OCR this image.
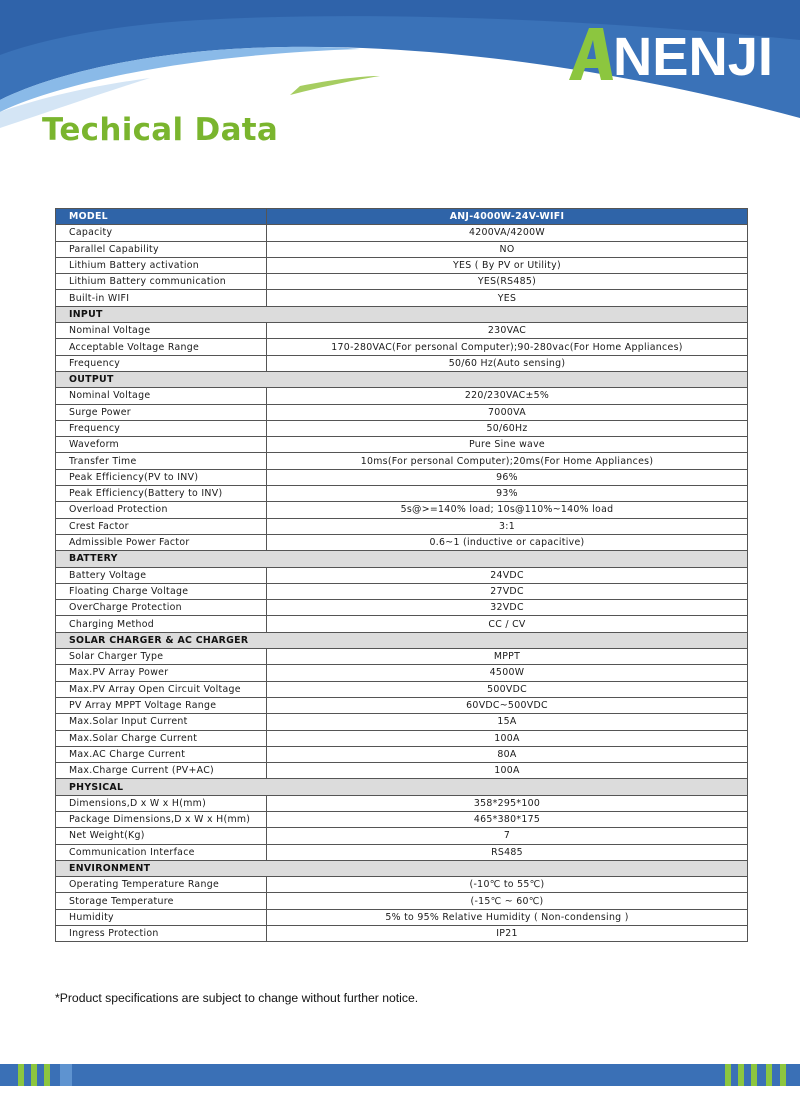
NENJI
Techical Data
MODEL	ANJ-4000W-24V-WIFI
Capacity	4200VA/4200W
Parallel Capability	NO
Lithium Battery activation	YES ( By PV or Utility)
Lithium Battery communication	YES(RS485)
Built-in WIFI	YES
INPUT	
Nominal Voltage	230VAC
Acceptable Voltage Range	170-280VAC(For personal Computer);90-280vac(For Home Appliances)
Frequency	50/60 Hz(Auto sensing)
OUTPUT	
Nominal Voltage	220/230VAC±5%
Surge Power	7000VA
Frequency	50/60Hz
Waveform	Pure Sine wave
Transfer Time	10ms(For personal Computer);20ms(For Home Appliances)
Peak Efficiency(PV to INV)	96%
Peak Efficiency(Battery to INV)	93%
Overload Protection	5s@>=140% load; 10s@110%~140% load
Crest Factor	3:1
Admissible Power Factor	0.6~1 (inductive or capacitive)
BATTERY	
Battery Voltage	24VDC
Floating Charge Voltage	27VDC
OverCharge Protection	32VDC
Charging Method	CC / CV
SOLAR CHARGER & AC CHARGER	
Solar Charger Type	MPPT
Max.PV Array Power	4500W
Max.PV Array Open Circuit Voltage	500VDC
PV Array MPPT Voltage Range	60VDC~500VDC
Max.Solar Input Current	15A
Max.Solar Charge Current	100A
Max.AC Charge Current	80A
Max.Charge Current (PV+AC)	100A
PHYSICAL	
Dimensions,D x W x H(mm)	358*295*100
Package Dimensions,D x W x H(mm)	465*380*175
Net Weight(Kg)	7
Communication Interface	RS485
ENVIRONMENT	
Operating Temperature Range	(-10℃ to 55℃)
Storage Temperature	(-15℃ ~ 60℃)
Humidity	5% to 95% Relative Humidity ( Non-condensing )
Ingress Protection	IP21

*Product specifications are subject to change without further notice.
